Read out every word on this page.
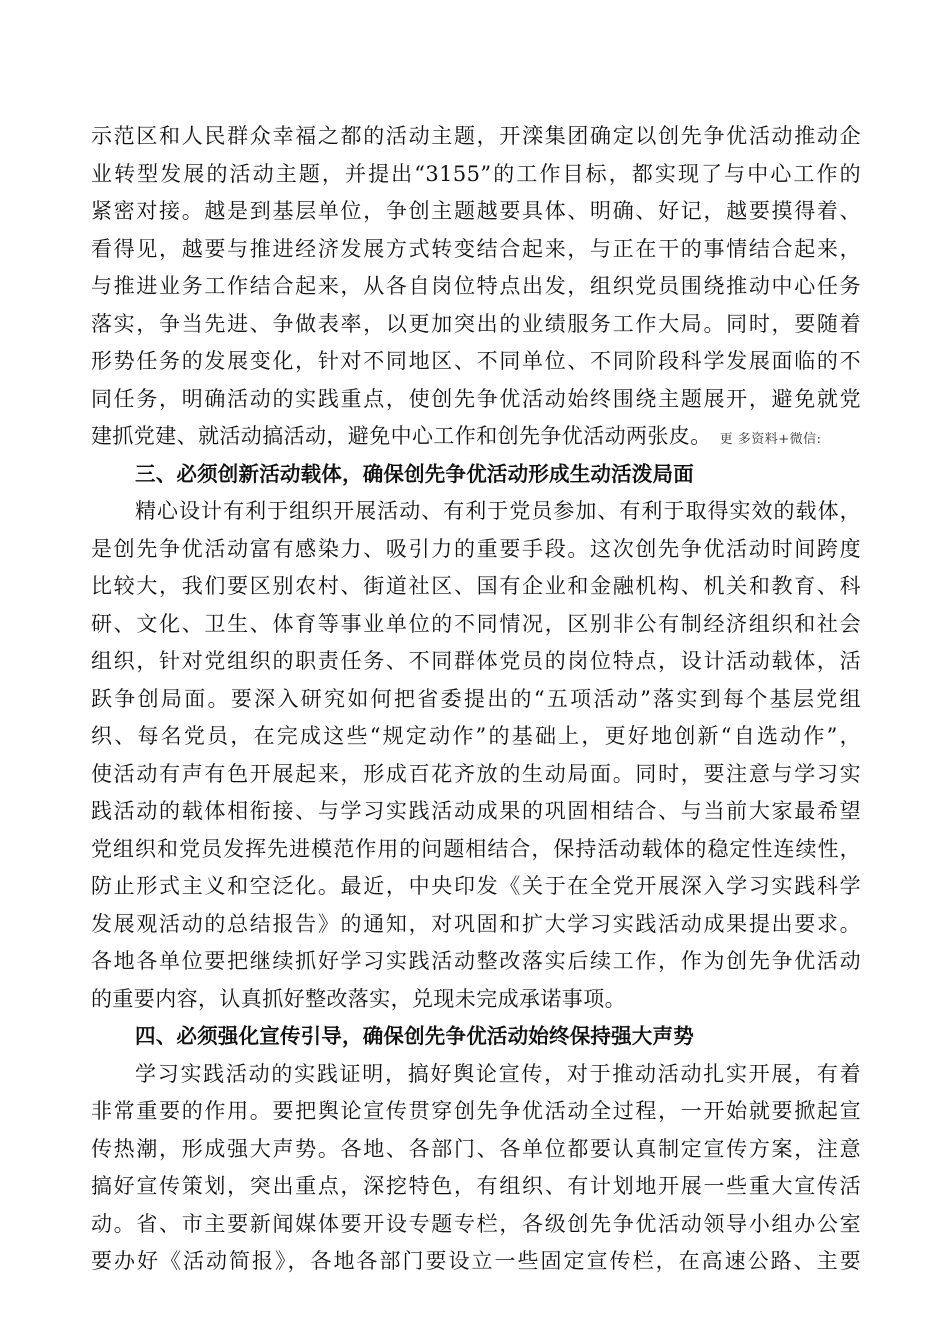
示范区和人民群众幸福之都的活动主题，开滦集团确定以创先争优活动推动企
业转型发展的活动主题，并提出“3155”的工作目标，都实现了与中心工作的
紧密对接。越是到基层单位，争创主题越要具体、明确、好记，越要摸得着、
看得见，越要与推进经济发展方式转变结合起来，与正在干的事情结合起来，
与推进业务工作结合起来，从各自岗位特点出发，组织党员围绕推动中心任务
落实，争当先进、争做表率，以更加突出的业绩服务工作大局。同时，要随着
形势任务的发展变化，针对不同地区、不同单位、不同阶段科学发展面临的不
同任务，明确活动的实践重点，使创先争优活动始终围绕主题展开，避免就党
建抓党建、就活动搞活动，避免中心工作和创先争优活动两张皮。 更 多资料+微信:
三、必须创新活动载体，确保创先争优活动形成生动活泼局面
精心设计有利于组织开展活动、有利于党员参加、有利于取得实效的载体，
是创先争优活动富有感染力、吸引力的重要手段。这次创先争优活动时间跨度
比较大，我们要区别农村、街道社区、国有企业和金融机构、机关和教育、科
研、文化、卫生、体育等事业单位的不同情况，区别非公有制经济组织和社会
组织，针对党组织的职责任务、不同群体党员的岗位特点，设计活动载体，活
跃争创局面。要深入研究如何把省委提出的“五项活动”落实到每个基层党组
织、每名党员，在完成这些“规定动作”的基础上，更好地创新“自选动作”，
使活动有声有色开展起来，形成百花齐放的生动局面。同时，要注意与学习实
践活动的载体相衔接、与学习实践活动成果的巩固相结合、与当前大家最希望
党组织和党员发挥先进模范作用的问题相结合，保持活动载体的稳定性连续性，
防止形式主义和空泛化。最近，中央印发《关于在全党开展深入学习实践科学
发展观活动的总结报告》的通知，对巩固和扩大学习实践活动成果提出要求。
各地各单位要把继续抓好学习实践活动整改落实后续工作，作为创先争优活动
的重要内容，认真抓好整改落实，兑现未完成承诺事项。
四、必须强化宣传引导，确保创先争优活动始终保持强大声势
学习实践活动的实践证明，搞好舆论宣传，对于推动活动扎实开展，有着
非常重要的作用。要把舆论宣传贯穿创先争优活动全过程，一开始就要掀起宣
传热潮，形成强大声势。各地、各部门、各单位都要认真制定宣传方案，注意
搞好宣传策划，突出重点，深挖特色，有组织、有计划地开展一些重大宣传活
动。省、市主要新闻媒体要开设专题专栏，各级创先争优活动领导小组办公室
要办好《活动简报》，各地各部门要设立一些固定宣传栏，在高速公路、主要
